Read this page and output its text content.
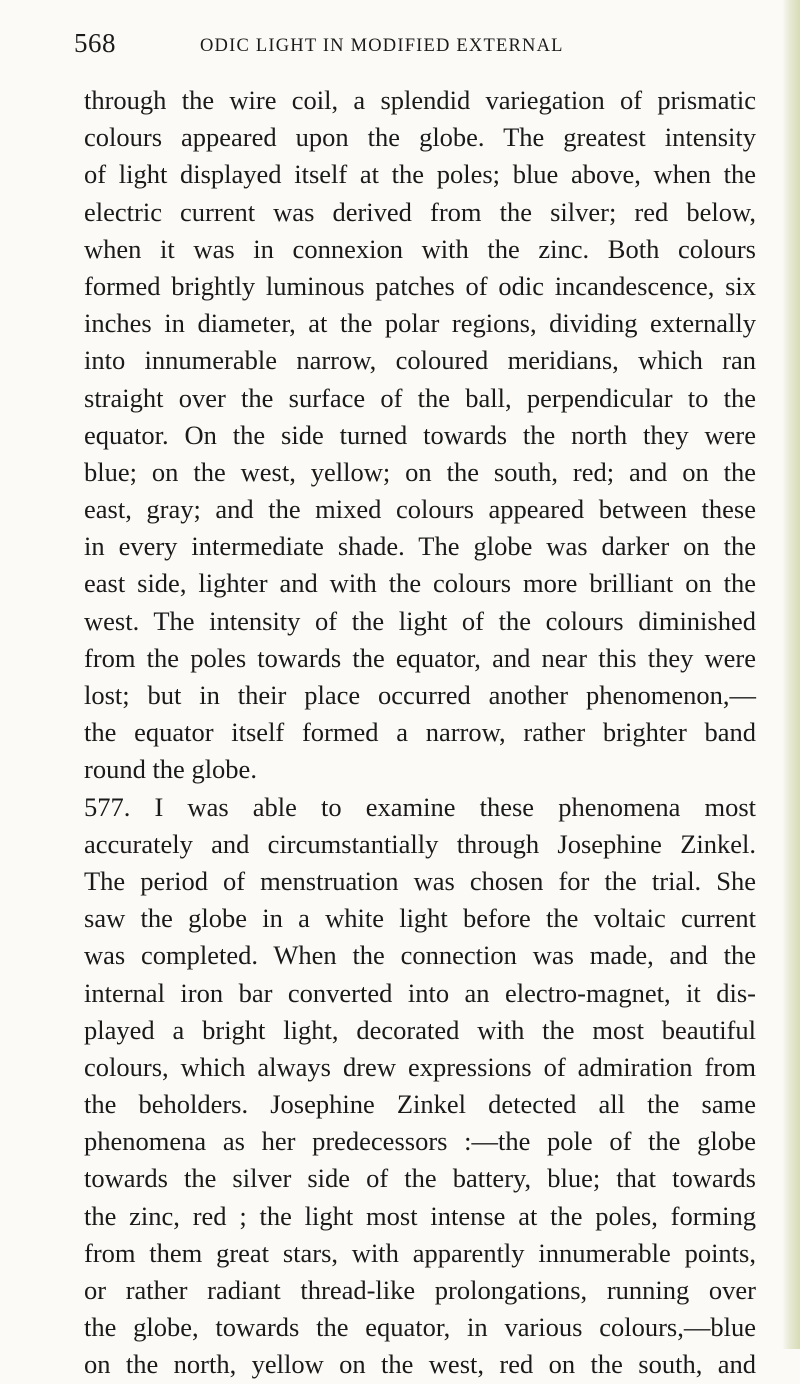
568	ODIC LIGHT IN MODIFIED EXTERNAL
through the wire coil, a splendid variegation of prismatic
colours appeared upon the globe. The greatest intensity
of light displayed itself at the poles; blue above, when the
electric current was derived from the silver; red below,
when it was in connexion with the zinc. Both colours
formed brightly luminous patches of odic incandescence, six
inches in diameter, at the polar regions, dividing externally
into innumerable narrow, coloured meridians, which ran
straight over the surface of the ball, perpendicular to the
equator. On the side turned towards the north they were
blue; on the west, yellow; on the south, red; and on the
east, gray; and the mixed colours appeared between these
in every intermediate shade. The globe was darker on the
east side, lighter and with the colours more brilliant on the
west. The intensity of the light of the colours diminished
from the poles towards the equator, and near this they were
lost; but in their place occurred another phenomenon,—
the equator itself formed a narrow, rather brighter band
round the globe.
577. I was able to examine these phenomena most
accurately and circumstantially through Josephine Zinkel.
The period of menstruation was chosen for the trial. She
saw the globe in a white light before the voltaic current
was completed. When the connection was made, and the
internal iron bar converted into an electro-magnet, it dis-
played a bright light, decorated with the most beautiful
colours, which always drew expressions of admiration from
the beholders. Josephine Zinkel detected all the same
phenomena as her predecessors :—the pole of the globe
towards the silver side of the battery, blue; that towards
the zinc, red ; the light most intense at the poles, forming
from them great stars, with apparently innumerable points,
or rather radiant thread-like prolongations, running over
the globe, towards the equator, in various colours,—blue
on the north, yellow on the west, red on the south, and
